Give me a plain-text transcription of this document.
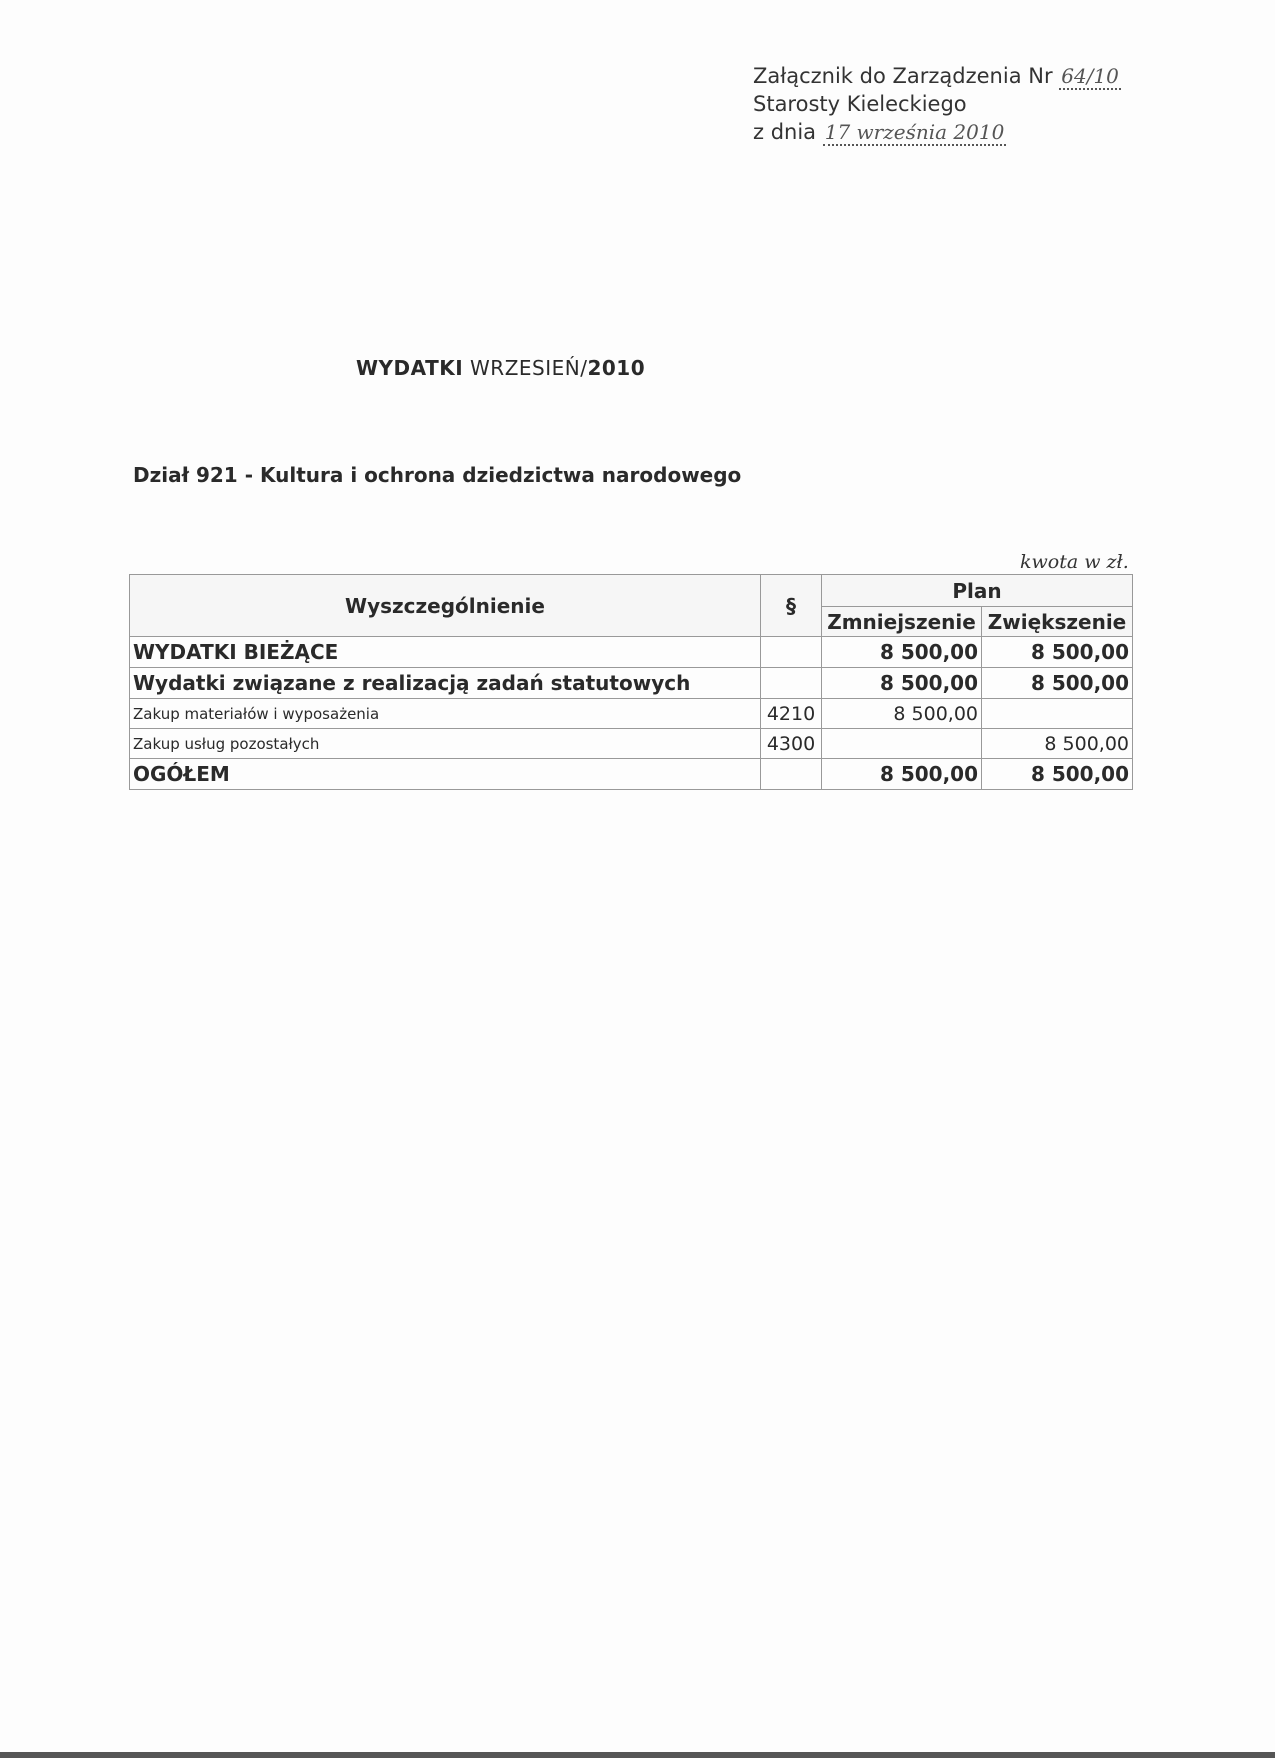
Załącznik do Zarządzenia Nr 64/10
Starosty Kieleckiego
z dnia 17 września 2010
WYDATKI WRZESIEŃ/2010
Dział 921 - Kultura i ochrona dziedzictwa narodowego
kwota w zł.
Wyszczególnienie	§	Plan	
		Zmniejszenie	Zwiększenie
WYDATKI BIEŻĄCE		8 500,00	8 500,00
Wydatki związane z realizacją zadań statutowych		8 500,00	8 500,00
Zakup materiałów i wyposażenia	4210	8 500,00	
Zakup usług pozostałych	4300		8 500,00
OGÓŁEM		8 500,00	8 500,00
